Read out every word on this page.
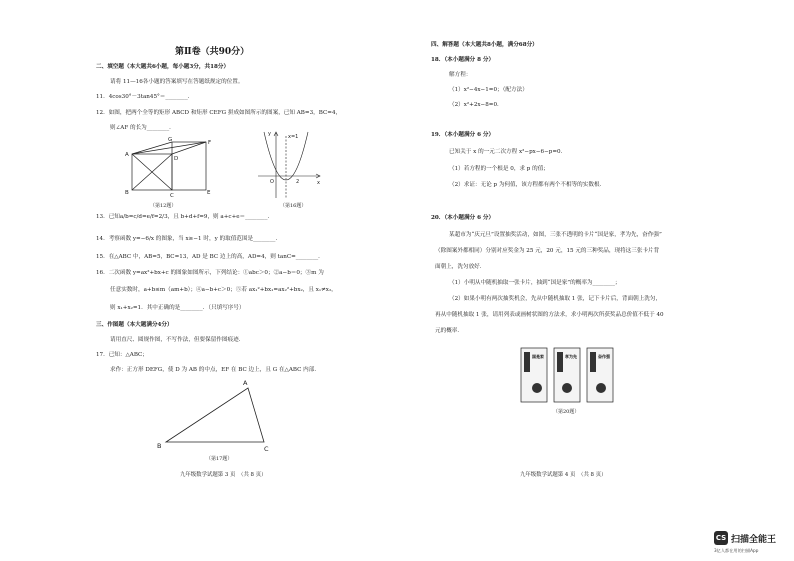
第Ⅱ卷（共90分）
二、填空题（本大题共6小题，每小题3分，共18分）
请将 11—16各小题的答案填写在答题纸规定的位置。
11．4cos30°－3tan45°＝________．
12．如图，把两个全等的矩形 ABCD 和矩形 CEFG 拼成如图所示的图案，已知 AB=3，BC=4，
则∠AF 的长为________．
G	F
A
D
B	C	E
（第12题）
y	x=1
O	2	x
（第16题）
13．已知a/b=c/d=e/f=2/3，且 b+d+f=9，则 a+c+e＝________．
14．考察函数 y=−6/x 的图象，当 x≥−1 时，y 的取值范围是________．
15．在△ABC 中，AB=5，BC=13，AD 是 BC 边上的高，AD=4，则 tanC=________．
16．二次函数 y=ax²+bx+c 的图象如图所示，下列结论：①abc＞0；②a−b＝0；③m 为
任意实数时，a+b≤m（am+b）；④a−b+c＞0；⑤若 ax₁²+bx₁=ax₂²+bx₂，且 x₁≠x₂，
则 x₁+x₂=1．其中正确的是________．（只填写序号）
三、作图题（本大题满分4分）
请用直尺、圆规作图，不写作法，但要保留作图痕迹．
17．已知：△ABC；
求作：正方形 DEFG，使 D 为 AB 的中点，EF 在 BC 边上，且 G 在△ABC 内部．
A
B	C
（第17题）
九年级数学试题第 3 页　（共 8 页）
四、解答题（本大题共8小题，满分68分）
18．（本小题满分 8 分）
解方程：
（1）x²−4x−1=0；（配方法）
（2）x²+2x−8=0．
19．（本小题满分 6 分）
已知关于 x 的一元二次方程 x²−px−6−p=0．
（1）若方程的一个根是 0，求 p 的值；
（2）求证：无论 p 为何值，该方程都有两个不相等的实数根．
20．（本小题满分 6 分）
某超市为“庆元旦”设置抽奖活动，如图，三张不透明的卡片“国是家，孝为先，奋作强”
（除图案外都相同）分别对应奖金为 25 元，20 元，15 元的三种奖品，现将这三张卡片背
面朝上，洗匀放好．
（1）小明从中随机抽取一张卡片，抽到“国是家”的概率为________；
（2）如果小明有两次抽奖机会，先从中随机抽取 1 张，记下卡片后，背面朝上洗匀，
再从中随机抽取 1 张，请用列表或画树状图的方法求，求小明两次所获奖品总价值不低于 40
元的概率．
国是家	孝为先	奋作强
（第20题）
九年级数学试题第 4 页　（共 8 页）
CS 扫描全能王
3亿人都在用的扫描App
